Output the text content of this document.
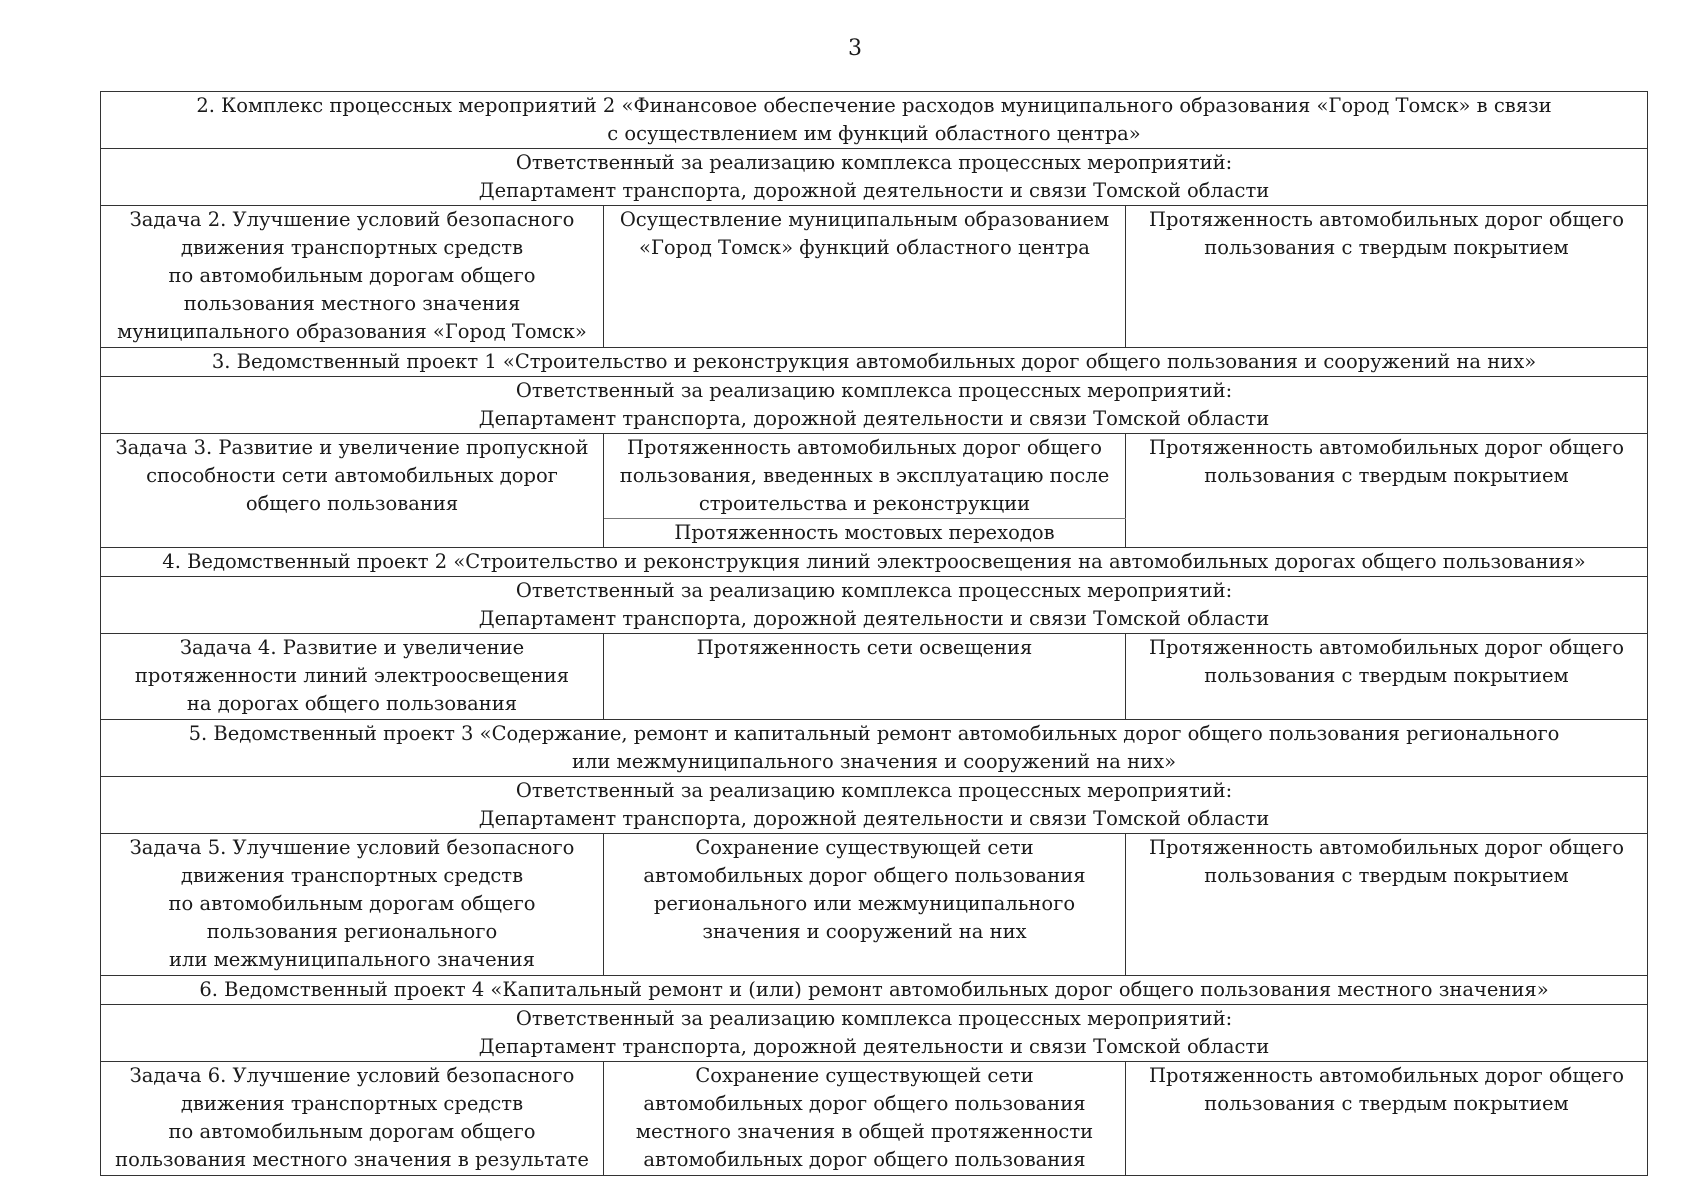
3
2. Комплекс процессных мероприятий 2 «Финансовое обеспечение расходов муниципального образования «Город Томск» в связи
с осуществлением им функций областного центра»		
Ответственный за реализацию комплекса процессных мероприятий:
Департамент транспорта, дорожной деятельности и связи Томской области		
Задача 2. Улучшение условий безопасного
движения транспортных средств
по автомобильным дорогам общего
пользования местного значения
муниципального образования «Город Томск»	Осуществление муниципальным образованием
«Город Томск» функций областного центра	Протяженность автомобильных дорог общего
пользования с твердым покрытием
3. Ведомственный проект 1 «Строительство и реконструкция автомобильных дорог общего пользования и сооружений на них»		
Ответственный за реализацию комплекса процессных мероприятий:
Департамент транспорта, дорожной деятельности и связи Томской области		
Задача 3. Развитие и увеличение пропускной
способности сети автомобильных дорог
общего пользования	Протяженность автомобильных дорог общего
пользования, введенных в эксплуатацию после
строительства и реконструкции	Протяженность автомобильных дорог общего
пользования с твердым покрытием
	Протяженность мостовых переходов	
4. Ведомственный проект 2 «Строительство и реконструкция линий электроосвещения на автомобильных дорогах общего пользования»		
Ответственный за реализацию комплекса процессных мероприятий:
Департамент транспорта, дорожной деятельности и связи Томской области		
Задача 4. Развитие и увеличение
протяженности линий электроосвещения
на дорогах общего пользования	Протяженность сети освещения	Протяженность автомобильных дорог общего
пользования с твердым покрытием
5. Ведомственный проект 3 «Содержание, ремонт и капитальный ремонт автомобильных дорог общего пользования регионального
или межмуниципального значения и сооружений на них»		
Ответственный за реализацию комплекса процессных мероприятий:
Департамент транспорта, дорожной деятельности и связи Томской области		
Задача 5. Улучшение условий безопасного
движения транспортных средств
по автомобильным дорогам общего
пользования регионального
или межмуниципального значения	Сохранение существующей сети
автомобильных дорог общего пользования
регионального или межмуниципального
значения и сооружений на них	Протяженность автомобильных дорог общего
пользования с твердым покрытием
6. Ведомственный проект 4 «Капитальный ремонт и (или) ремонт автомобильных дорог общего пользования местного значения»		
Ответственный за реализацию комплекса процессных мероприятий:
Департамент транспорта, дорожной деятельности и связи Томской области		
Задача 6. Улучшение условий безопасного
движения транспортных средств
по автомобильным дорогам общего
пользования местного значения в результате	Сохранение существующей сети
автомобильных дорог общего пользования
местного значения в общей протяженности
автомобильных дорог общего пользования	Протяженность автомобильных дорог общего
пользования с твердым покрытием
